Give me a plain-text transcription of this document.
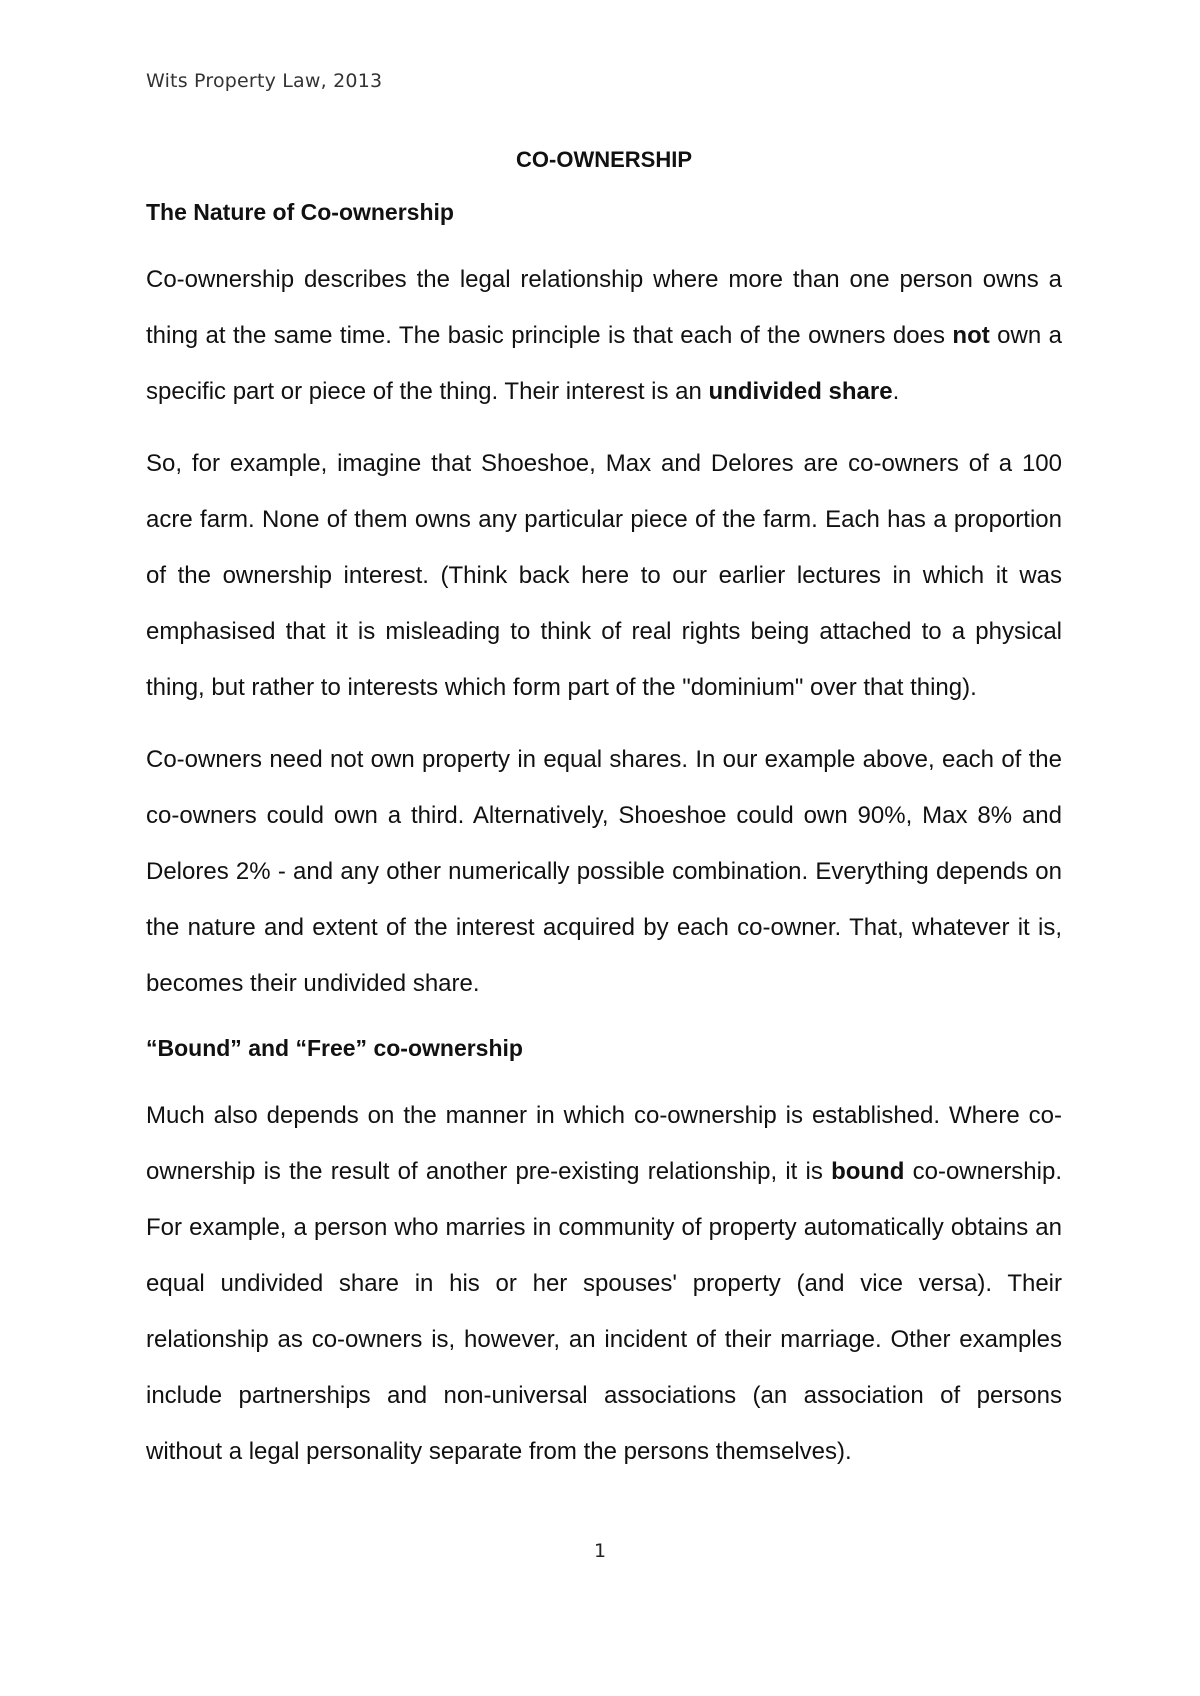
Wits Property Law, 2013
CO-OWNERSHIP
The Nature of Co-ownership

Co-ownership describes the legal relationship where more than one person owns a thing at the same time. The basic principle is that each of the owners does not own a specific part or piece of the thing. Their interest is an undivided share.

So, for example, imagine that Shoeshoe, Max and Delores are co-owners of a 100 acre farm. None of them owns any particular piece of the farm. Each has a proportion of the ownership interest. (Think back here to our earlier lectures in which it was emphasised that it is misleading to think of real rights being attached to a physical thing, but rather to interests which form part of the "dominium" over that thing).

Co-owners need not own property in equal shares. In our example above, each of the co-owners could own a third. Alternatively, Shoeshoe could own 90%, Max 8% and Delores 2% - and any other numerically possible combination. Everything depends on the nature and extent of the interest acquired by each co-owner. That, whatever it is, becomes their undivided share.

“Bound” and “Free” co-ownership

Much also depends on the manner in which co-ownership is established. Where co-ownership is the result of another pre-existing relationship, it is bound co-ownership. For example, a person who marries in community of property automatically obtains an equal undivided share in his or her spouses' property (and vice versa). Their relationship as co-owners is, however, an incident of their marriage. Other examples include partnerships and non-universal associations (an association of persons without a legal personality separate from the persons themselves).

1
